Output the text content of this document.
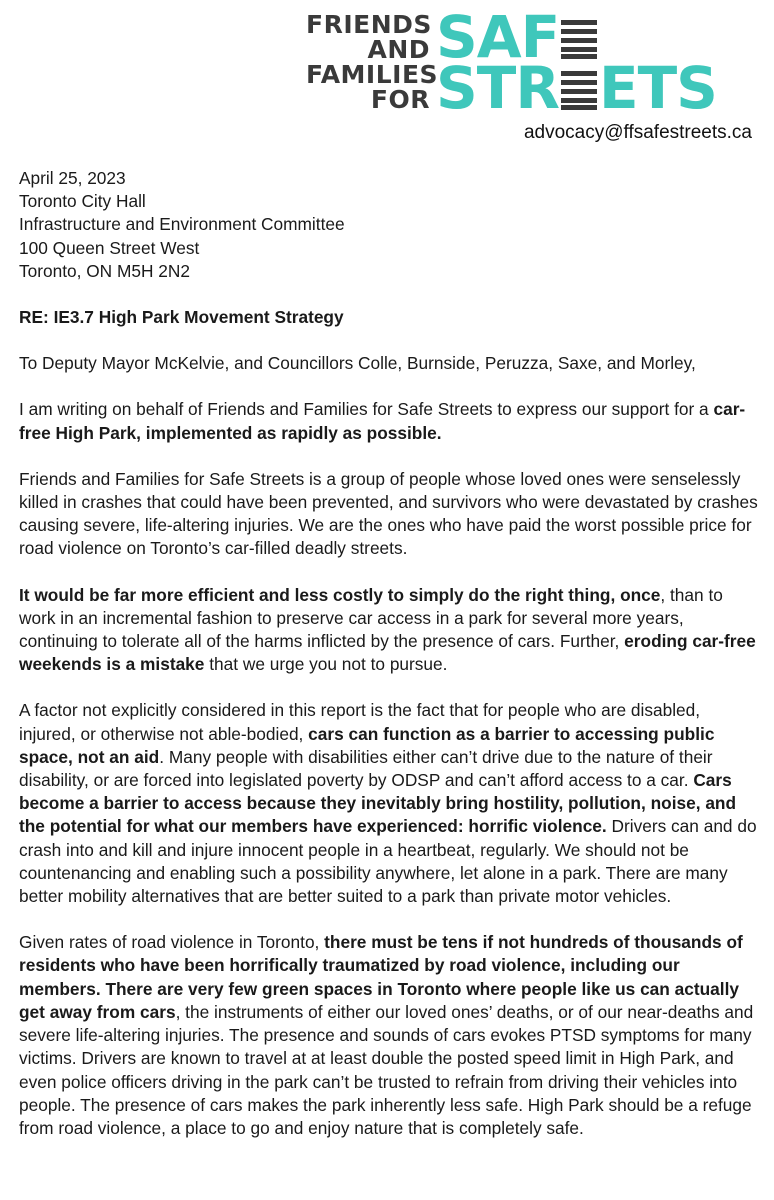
FRIENDS
AND
FAMILIES
FOR
SAF
STR ETS
advocacy@ffsafestreets.ca

April 25, 2023
Toronto City Hall
Infrastructure and Environment Committee
100 Queen Street West
Toronto, ON M5H 2N2

RE: IE3.7 High Park Movement Strategy

To Deputy Mayor McKelvie, and Councillors Colle, Burnside, Peruzza, Saxe, and Morley,

I am writing on behalf of Friends and Families for Safe Streets to express our support for a car-free High Park, implemented as rapidly as possible.

Friends and Families for Safe Streets is a group of people whose loved ones were senselessly killed in crashes that could have been prevented, and survivors who were devastated by crashes causing severe, life-altering injuries. We are the ones who have paid the worst possible price for road violence on Toronto’s car-filled deadly streets.

It would be far more efficient and less costly to simply do the right thing, once, than to work in an incremental fashion to preserve car access in a park for several more years, continuing to tolerate all of the harms inflicted by the presence of cars. Further, eroding car-free weekends is a mistake that we urge you not to pursue.

A factor not explicitly considered in this report is the fact that for people who are disabled, injured, or otherwise not able-bodied, cars can function as a barrier to accessing public space, not an aid. Many people with disabilities either can’t drive due to the nature of their disability, or are forced into legislated poverty by ODSP and can’t afford access to a car. Cars become a barrier to access because they inevitably bring hostility, pollution, noise, and the potential for what our members have experienced: horrific violence. Drivers can and do crash into and kill and injure innocent people in a heartbeat, regularly. We should not be countenancing and enabling such a possibility anywhere, let alone in a park. There are many better mobility alternatives that are better suited to a park than private motor vehicles.

Given rates of road violence in Toronto, there must be tens if not hundreds of thousands of residents who have been horrifically traumatized by road violence, including our members. There are very few green spaces in Toronto where people like us can actually get away from cars, the instruments of either our loved ones’ deaths, or of our near-deaths and severe life-altering injuries. The presence and sounds of cars evokes PTSD symptoms for many victims. Drivers are known to travel at at least double the posted speed limit in High Park, and even police officers driving in the park can’t be trusted to refrain from driving their vehicles into people. The presence of cars makes the park inherently less safe. High Park should be a refuge from road violence, a place to go and enjoy nature that is completely safe.
